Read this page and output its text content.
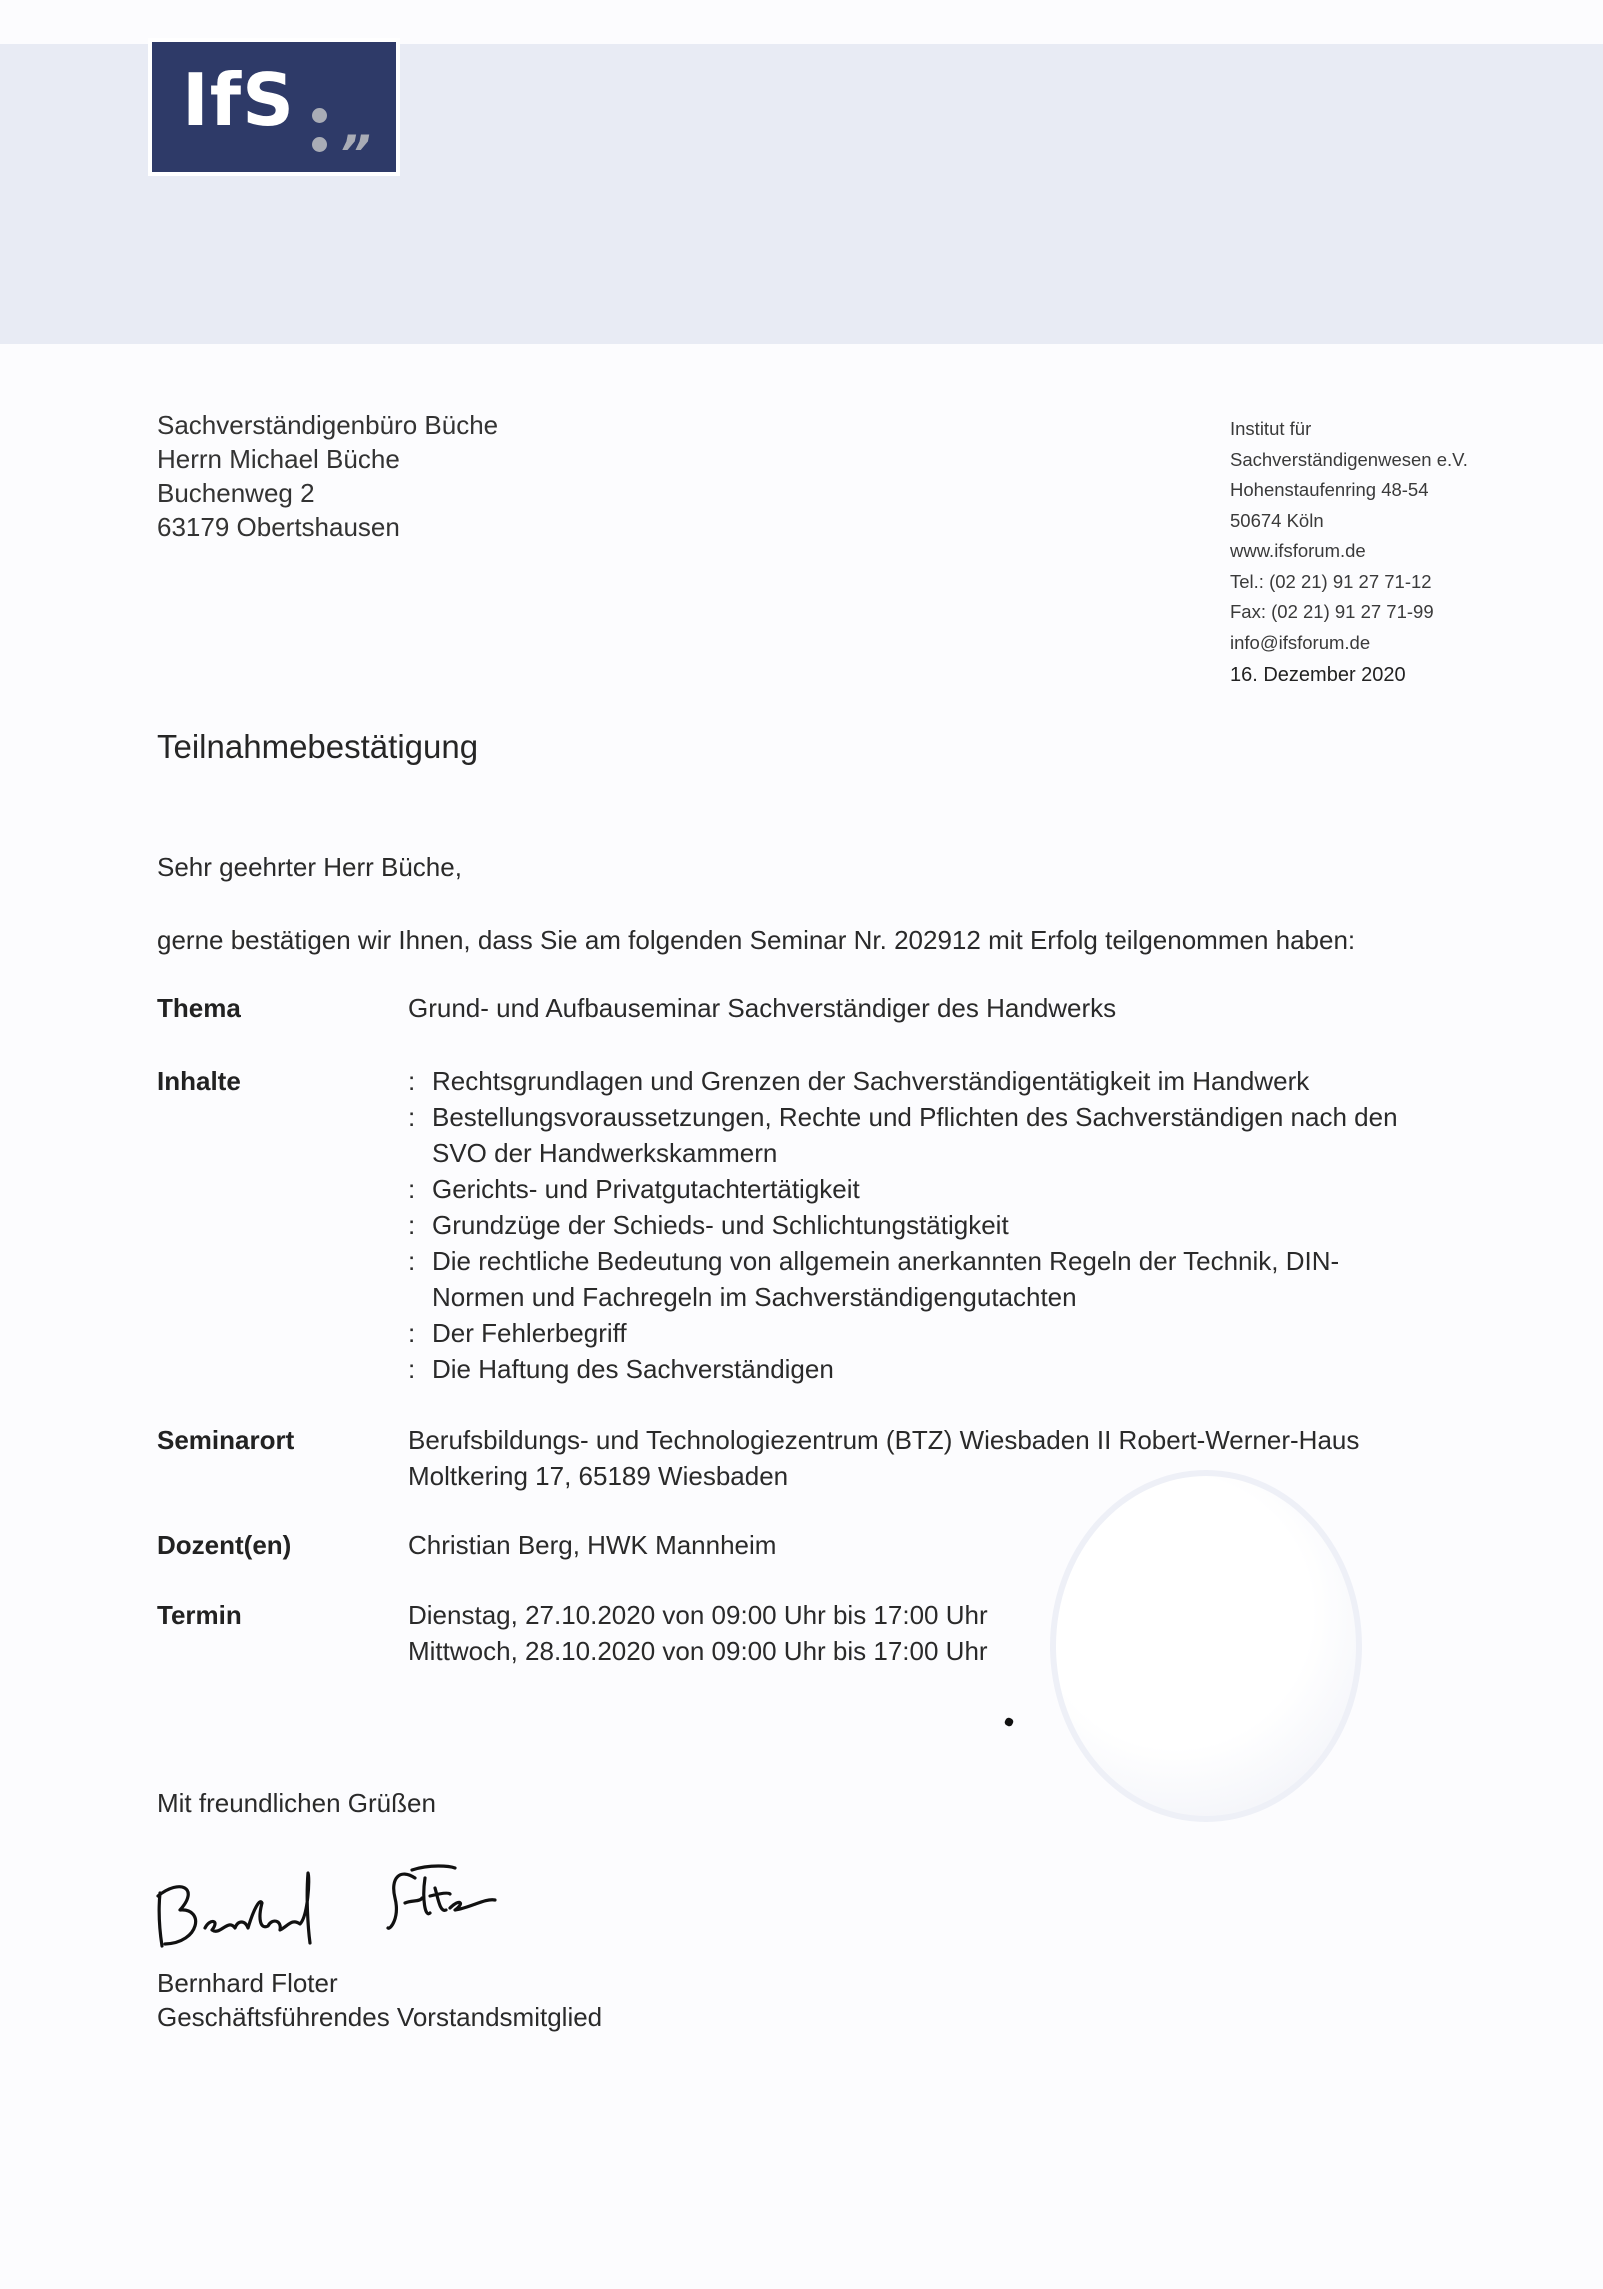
IfS „
Sachverständigenbüro Büche
Herrn Michael Büche
Buchenweg 2
63179 Obertshausen
Institut für
Sachverständigenwesen e.V.
Hohenstaufenring 48-54
50674 Köln
www.ifsforum.de
Tel.: (02 21) 91 27 71-12
Fax: (02 21) 91 27 71-99
info@ifsforum.de
16. Dezember 2020
Teilnahmebestätigung
Sehr geehrter Herr Büche,
gerne bestätigen wir Ihnen, dass Sie am folgenden Seminar Nr. 202912 mit Erfolg teilgenommen haben:
Thema	Grund- und Aufbauseminar Sachverständiger des Handwerks
Inhalte	: Rechtsgrundlagen und Grenzen der Sachverständigentätigkeit im Handwerk
: Bestellungsvoraussetzungen, Rechte und Pflichten des Sachverständigen nach den SVO der Handwerkskammern
: Gerichts- und Privatgutachtertätigkeit
: Grundzüge der Schieds- und Schlichtungstätigkeit
: Die rechtliche Bedeutung von allgemein anerkannten Regeln der Technik, DIN-Normen und Fachregeln im Sachverständigengutachten
: Der Fehlerbegriff
: Die Haftung des Sachverständigen
Seminarort	Berufsbildungs- und Technologiezentrum (BTZ) Wiesbaden II Robert-Werner-Haus
Moltkering 17, 65189 Wiesbaden
Dozent(en)	Christian Berg, HWK Mannheim
Termin	Dienstag, 27.10.2020 von 09:00 Uhr bis 17:00 Uhr
Mittwoch, 28.10.2020 von 09:00 Uhr bis 17:00 Uhr
Mit freundlichen Grüßen
Bernhard Floter
Geschäftsführendes Vorstandsmitglied
